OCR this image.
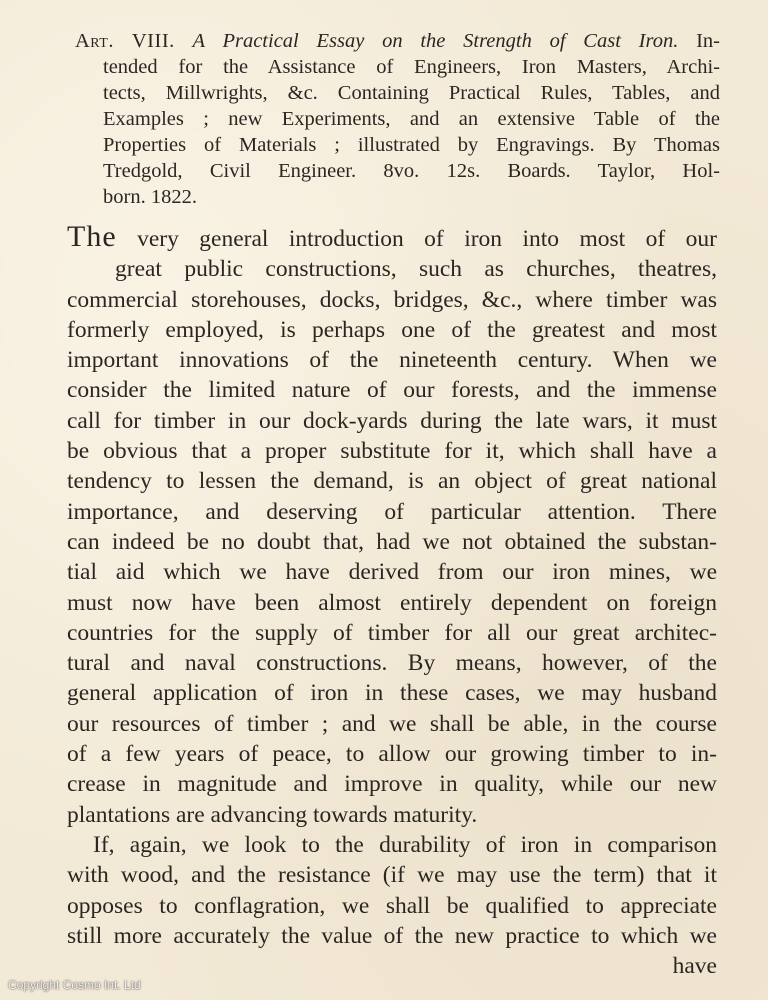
Art. VIII. A Practical Essay on the Strength of Cast Iron. In-
tended for the Assistance of Engineers, Iron Masters, Archi-
tects, Millwrights, &c. Containing Practical Rules, Tables, and
Examples ; new Experiments, and an extensive Table of the
Properties of Materials ; illustrated by Engravings. By Thomas
Tredgold, Civil Engineer. 8vo. 12s. Boards. Taylor, Hol-
born. 1822.
The very general introduction of iron into most of our
great public constructions, such as churches, theatres,
commercial storehouses, docks, bridges, &c., where timber was
formerly employed, is perhaps one of the greatest and most
important innovations of the nineteenth century. When we
consider the limited nature of our forests, and the immense
call for timber in our dock-yards during the late wars, it must
be obvious that a proper substitute for it, which shall have a
tendency to lessen the demand, is an object of great national
importance, and deserving of particular attention. There
can indeed be no doubt that, had we not obtained the substan-
tial aid which we have derived from our iron mines, we
must now have been almost entirely dependent on foreign
countries for the supply of timber for all our great architec-
tural and naval constructions. By means, however, of the
general application of iron in these cases, we may husband
our resources of timber ; and we shall be able, in the course
of a few years of peace, to allow our growing timber to in-
crease in magnitude and improve in quality, while our new
plantations are advancing towards maturity.
If, again, we look to the durability of iron in comparison
with wood, and the resistance (if we may use the term) that it
opposes to conflagration, we shall be qualified to appreciate
still more accurately the value of the new practice to which we
have
Copyright Cosmo Int. Ltd
